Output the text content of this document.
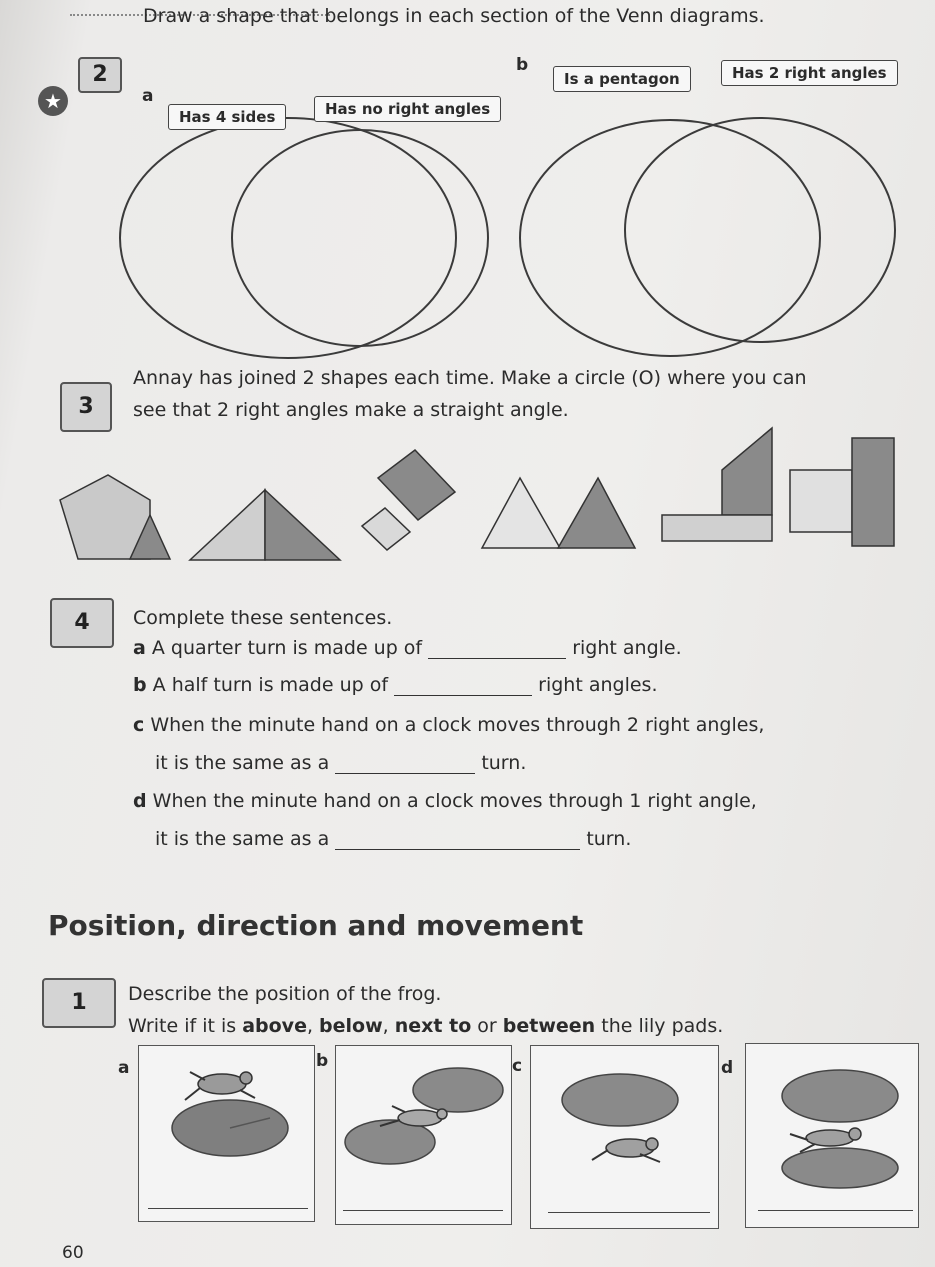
2
★
Draw a shape that belongs in each section of the Venn diagrams.
a
b
Has 4 sides	Has no right angles
Is a pentagon	Has 2 right angles
3
Annay has joined 2 shapes each time. Make a circle (O) where you can
see that 2 right angles make a straight angle.
4	Complete these sentences.
a A quarter turn is made up of	right angle.
b A half turn is made up of	right angles.
c When the minute hand on a clock moves through 2 right angles,
it is the same as a	turn.
d When the minute hand on a clock moves through 1 right angle,
it is the same as a	turn.
Position, direction and movement
1	Describe the position of the frog.
Write if it is above, below, next to or between the lily pads.
a	b	c	d
60
